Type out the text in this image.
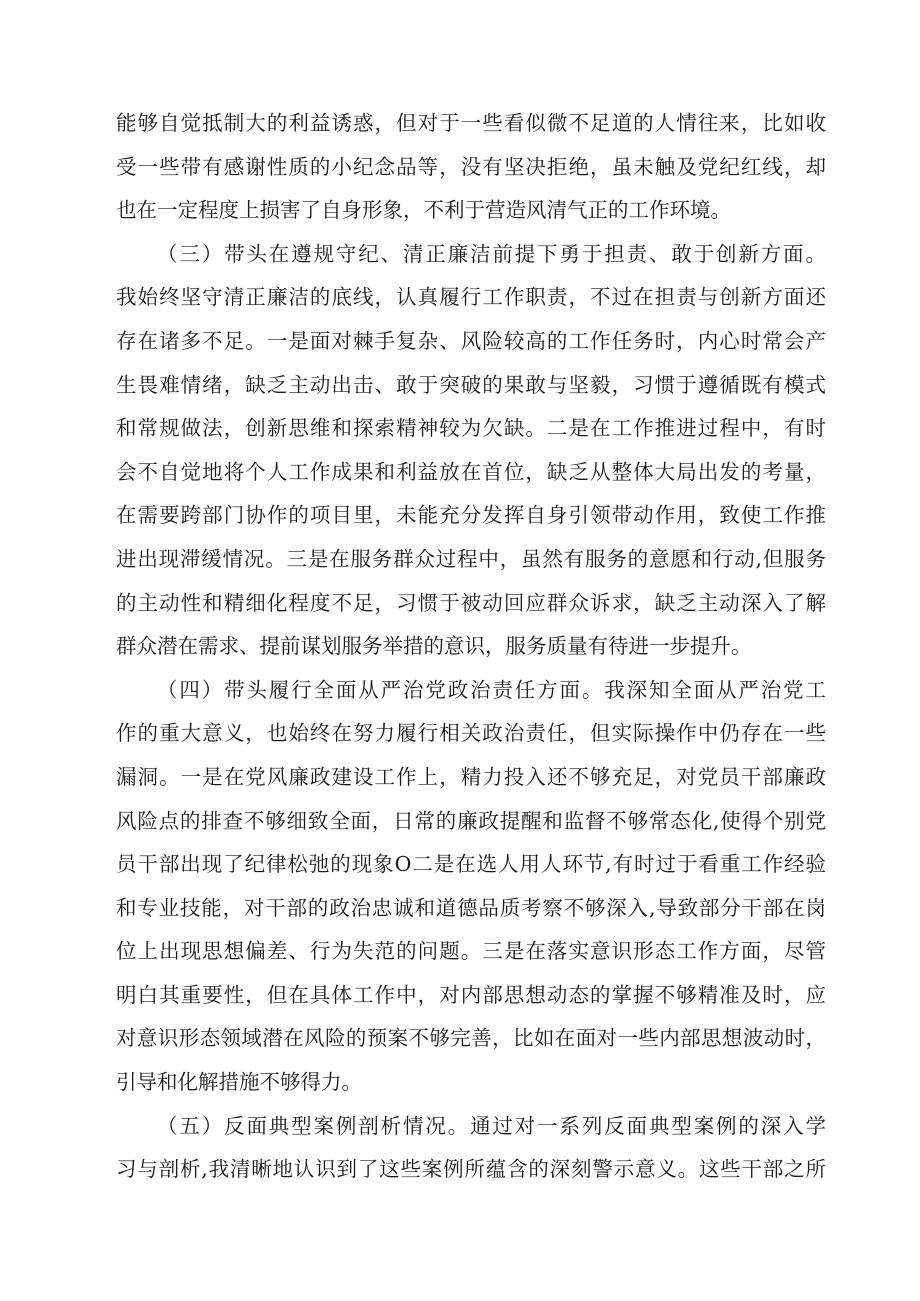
能够自觉抵制大的利益诱惑，但对于一些看似微不足道的人情往来，比如收
受一些带有感谢性质的小纪念品等，没有坚决拒绝，虽未触及党纪红线，却
也在一定程度上损害了自身形象，不利于营造风清气正的工作环境。
（三）带头在遵规守纪、清正廉洁前提下勇于担责、敢于创新方面。
我始终坚守清正廉洁的底线，认真履行工作职责，不过在担责与创新方面还
存在诸多不足。一是面对棘手复杂、风险较高的工作任务时，内心时常会产
生畏难情绪，缺乏主动出击、敢于突破的果敢与坚毅，习惯于遵循既有模式
和常规做法，创新思维和探索精神较为欠缺。二是在工作推进过程中，有时
会不自觉地将个人工作成果和利益放在首位，缺乏从整体大局出发的考量，
在需要跨部门协作的项目里，未能充分发挥自身引领带动作用，致使工作推
进出现滞缓情况。三是在服务群众过程中，虽然有服务的意愿和行动,但服务
的主动性和精细化程度不足，习惯于被动回应群众诉求，缺乏主动深入了解
群众潜在需求、提前谋划服务举措的意识，服务质量有待进一步提升。
（四）带头履行全面从严治党政治责任方面。我深知全面从严治党工
作的重大意义，也始终在努力履行相关政治责任，但实际操作中仍存在一些
漏洞。一是在党风廉政建设工作上，精力投入还不够充足，对党员干部廉政
风险点的排查不够细致全面，日常的廉政提醒和监督不够常态化,使得个别党
员干部出现了纪律松弛的现象O二是在选人用人环节,有时过于看重工作经验
和专业技能，对干部的政治忠诚和道德品质考察不够深入,导致部分干部在岗
位上出现思想偏差、行为失范的问题。三是在落实意识形态工作方面，尽管
明白其重要性，但在具体工作中，对内部思想动态的掌握不够精准及时，应
对意识形态领域潜在风险的预案不够完善，比如在面对一些内部思想波动时，
引导和化解措施不够得力。
（五）反面典型案例剖析情况。通过对一系列反面典型案例的深入学
习与剖析,我清晰地认识到了这些案例所蕴含的深刻警示意义。这些干部之所
